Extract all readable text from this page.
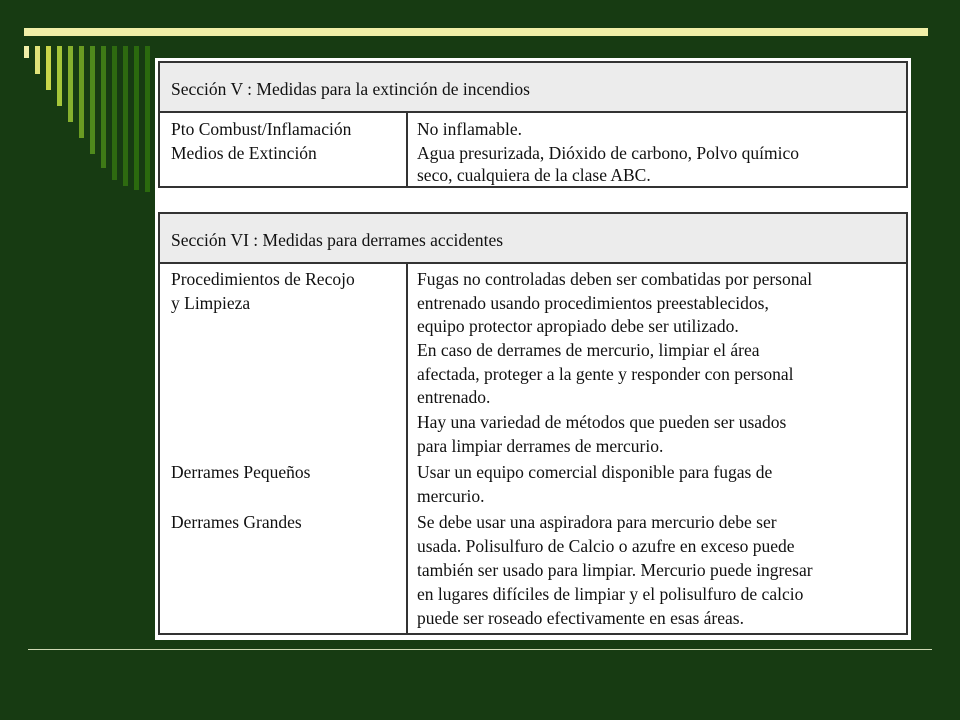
Sección V : Medidas para la extinción de incendios
Pto Combust/Inflamación
Medios de Extinción
No inflamable.
Agua presurizada, Dióxido de carbono, Polvo químico
seco, cualquiera de la clase ABC.
Sección VI : Medidas para derrames accidentes
Procedimientos de Recojo
y Limpieza
Derrames Pequeños
Derrames Grandes
Fugas no controladas deben ser combatidas por personal
entrenado usando procedimientos preestablecidos,
equipo protector apropiado debe ser utilizado.
En caso de derrames de mercurio, limpiar el área
afectada, proteger a la gente y responder con personal
entrenado.
Hay una variedad de métodos que pueden ser usados
para limpiar derrames de mercurio.
Usar un equipo comercial disponible para fugas de
mercurio.
Se debe usar una aspiradora para mercurio debe ser
usada. Polisulfuro de Calcio o azufre en exceso puede
también ser usado para limpiar. Mercurio puede ingresar
en lugares difíciles de limpiar y el polisulfuro de calcio
puede ser roseado efectivamente en esas áreas.
